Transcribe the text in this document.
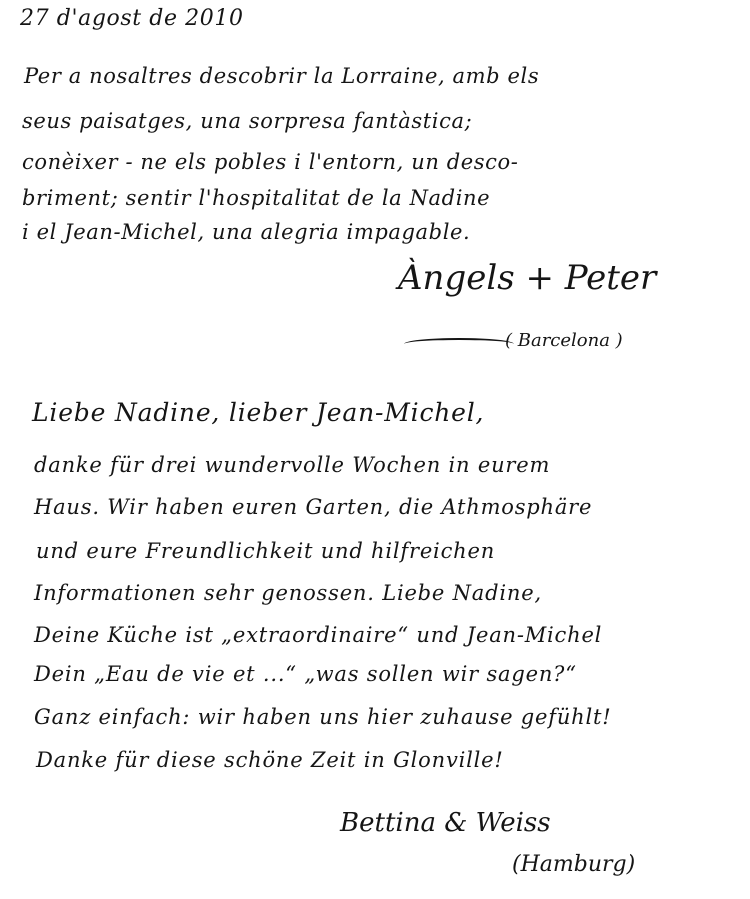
27 d'agost de 2010
Per a nosaltres descobrir la Lorraine, amb els
seus paisatges, una sorpresa fantàstica;
conèixer - ne els pobles i l'entorn, un desco-
briment; sentir l'hospitalitat de la Nadine
i el Jean-Michel, una alegria impagable.
Àngels + Peter
( Barcelona )
Liebe Nadine, lieber Jean-Michel,
danke für drei wundervolle Wochen in eurem
Haus. Wir haben euren Garten, die Athmosphäre
und eure Freundlichkeit und hilfreichen
Informationen sehr genossen. Liebe Nadine,
Deine Küche ist „extraordinaire“ und Jean-Michel
Dein „Eau de vie et ...“ „was sollen wir sagen?“
Ganz einfach: wir haben uns hier zuhause gefühlt!
Danke für diese schöne Zeit in Glonville!
Bettina & Weiss
(Hamburg)
